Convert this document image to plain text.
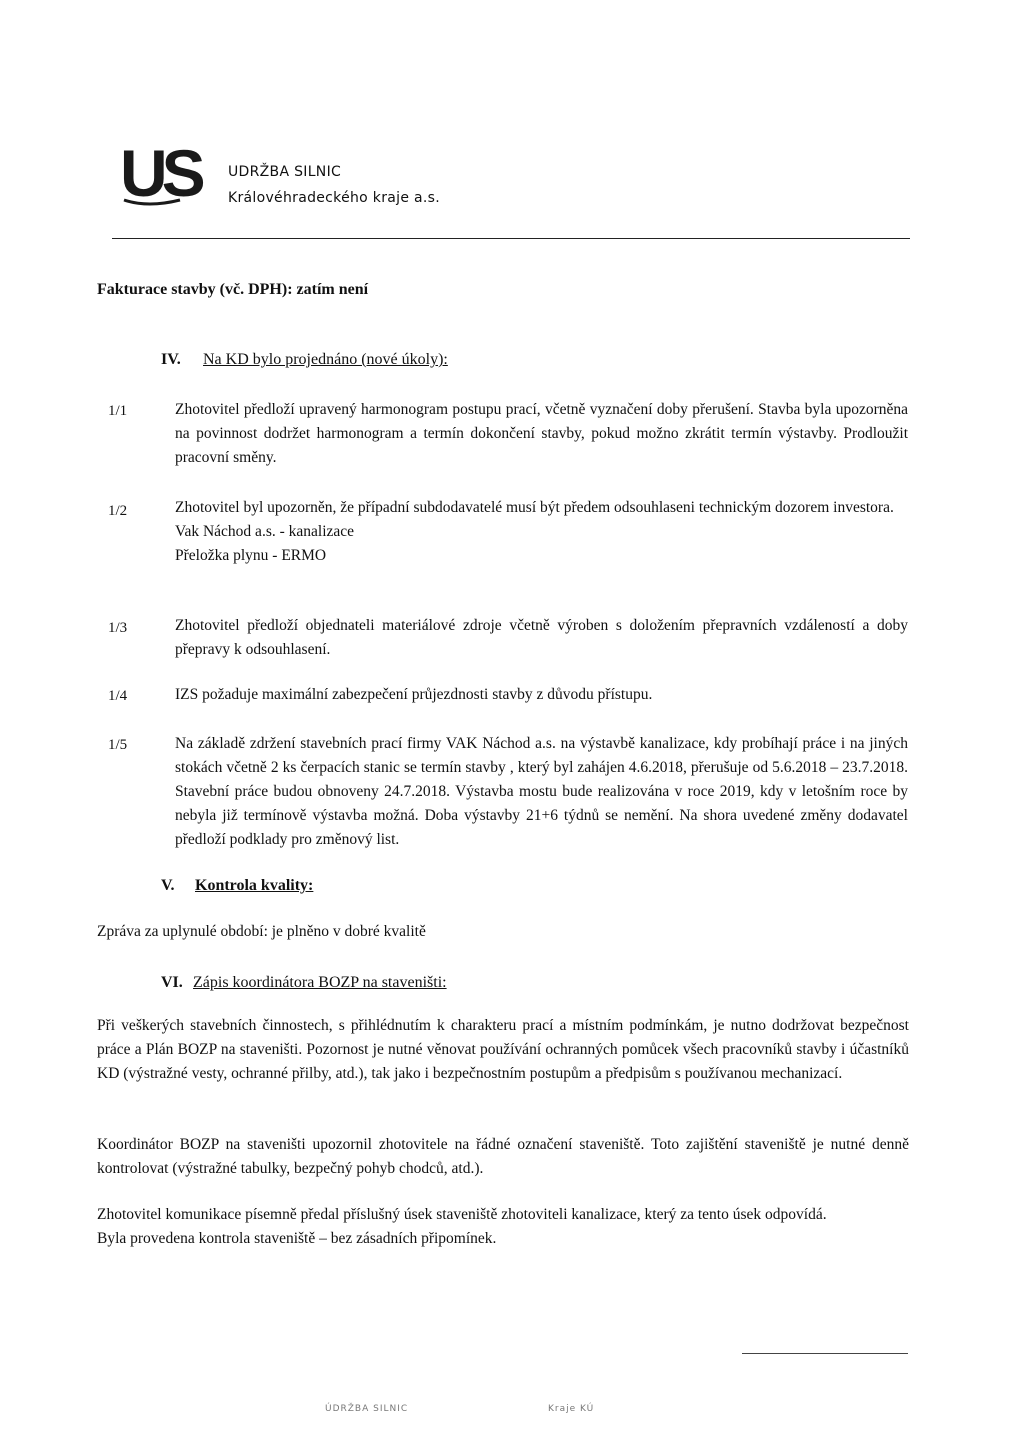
US UDRŽBA SILNIC
Královéhradeckého kraje a.s.
Fakturace stavby (vč. DPH): zatím není
IV. Na KD bylo projednáno (nové úkoly):
1/1	Zhotovitel předloží upravený harmonogram postupu prací, včetně vyznačení doby přerušení. Stavba byla upozorněna na povinnost dodržet harmonogram a termín dokončení stavby, pokud možno zkrátit termín výstavby. Prodloužit pracovní směny.

1/2	Zhotovitel byl upozorněn, že případní subdodavatelé musí být předem odsouhlaseni technickým dozorem investora.

Vak Náchod a.s. - kanalizace

Přeložka plynu - ERMO

1/3	Zhotovitel předloží objednateli materiálové zdroje včetně výroben s doložením přepravních vzdáleností a doby přepravy k odsouhlasení.

1/4	IZS požaduje maximální zabezpečení průjezdnosti stavby z důvodu přístupu.

1/5	Na základě zdržení stavebních prací firmy VAK Náchod a.s. na výstavbě kanalizace, kdy probíhají práce i na jiných stokách včetně 2 ks čerpacích stanic se termín stavby , který byl zahájen 4.6.2018, přerušuje od 5.6.2018 – 23.7.2018. Stavební práce budou obnoveny 24.7.2018. Výstavba mostu bude realizována v roce 2019, kdy v letošním roce by nebyla již termínově výstavba možná. Doba výstavby 21+6 týdnů se nemění. Na shora uvedené změny dodavatel předloží podklady pro změnový list.

V. Kontrola kvality:

Zpráva za uplynulé období: je plněno v dobré kvalitě

VI. Zápis koordinátora BOZP na staveništi:

Při veškerých stavebních činnostech, s přihlédnutím k charakteru prací a místním podmínkám, je nutno dodržovat bezpečnost práce a Plán BOZP na staveništi. Pozornost je nutné věnovat používání ochranných pomůcek všech pracovníků stavby i účastníků KD (výstražné vesty, ochranné přilby, atd.), tak jako i bezpečnostním postupům a předpisům s používanou mechanizací.

Koordinátor BOZP na staveništi upozornil zhotovitele na řádné označení staveniště. Toto zajištění staveniště je nutné denně kontrolovat (výstražné tabulky, bezpečný pohyb chodců, atd.).

Zhotovitel komunikace písemně předal příslušný úsek staveniště zhotoviteli kanalizace, který za tento úsek odpovídá.

Byla provedena kontrola staveniště – bez zásadních připomínek.

ÚDRŽBA SILNIC	Kraje KÚ
